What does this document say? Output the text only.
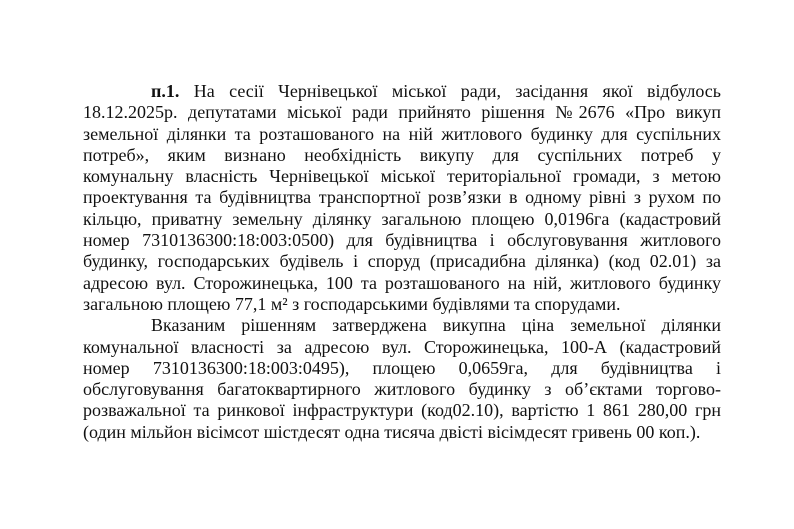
п.1. На сесії Чернівецької міської ради, засідання якої відбулось
18.12.2025р. депутатами міської ради прийнято рішення №2676 «Про викуп
земельної ділянки та розташованого на ній житлового будинку для суспільних
потреб», яким визнано необхідність викупу для суспільних потреб у
комунальну власність Чернівецької міської територіальної громади, з метою
проектування та будівництва транспортної розв’язки в одному рівні з рухом по
кільцю, приватну земельну ділянку загальною площею 0,0196га (кадастровий
номер 7310136300:18:003:0500) для будівництва і обслуговування житлового
будинку, господарських будівель і споруд (присадибна ділянка) (код 02.01) за
адресою вул. Сторожинецька, 100 та розташованого на ній, житлового будинку
загальною площею 77,1 м² з господарськими будівлями та спорудами.
Вказаним рішенням затверджена викупна ціна земельної ділянки
комунальної власності за адресою вул. Сторожинецька, 100-А (кадастровий
номер 7310136300:18:003:0495), площею 0,0659га, для будівництва і
обслуговування багатоквартирного житлового будинку з об’єктами торгово-
розважальної та ринкової інфраструктури (код02.10), вартістю 1 861 280,00 грн
(один мільйон вісімсот шістдесят одна тисяча двісті вісімдесят гривень 00 коп.).
